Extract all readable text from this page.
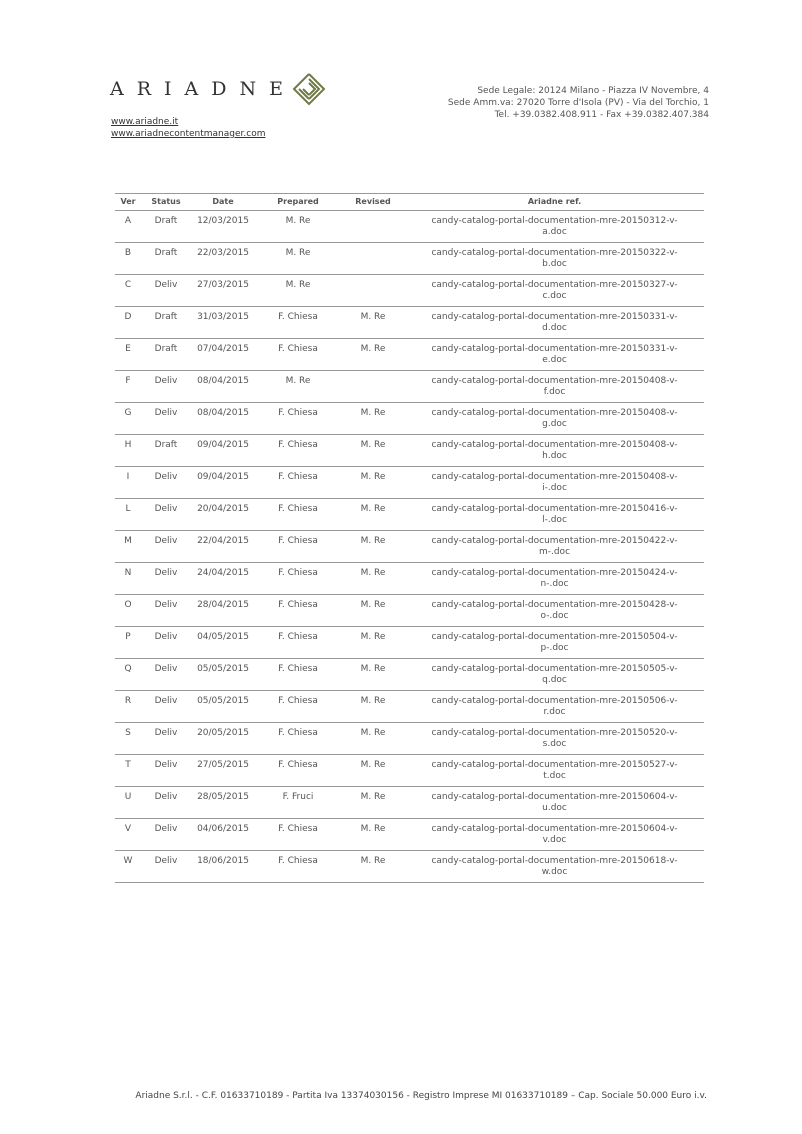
ARIADNE
www.ariadne.it
www.ariadnecontentmanager.com
Sede Legale: 20124 Milano - Piazza IV Novembre, 4
Sede Amm.va: 27020 Torre d'Isola (PV) - Via del Torchio, 1
Tel. +39.0382.408.911 - Fax +39.0382.407.384
Ver	Status	Date	Prepared	Revised	Ariadne ref.
A	Draft	12/03/2015	M. Re		candy-catalog-portal-documentation-mre-20150312-v-
a.doc

B	Draft	22/03/2015	M. Re		candy-catalog-portal-documentation-mre-20150322-v-
b.doc

C	Deliv	27/03/2015	M. Re		candy-catalog-portal-documentation-mre-20150327-v-
c.doc

D	Draft	31/03/2015	F. Chiesa	M. Re	candy-catalog-portal-documentation-mre-20150331-v-
d.doc

E	Draft	07/04/2015	F. Chiesa	M. Re	candy-catalog-portal-documentation-mre-20150331-v-
e.doc

F	Deliv	08/04/2015	M. Re		candy-catalog-portal-documentation-mre-20150408-v-
f.doc

G	Deliv	08/04/2015	F. Chiesa	M. Re	candy-catalog-portal-documentation-mre-20150408-v-
g.doc

H	Draft	09/04/2015	F. Chiesa	M. Re	candy-catalog-portal-documentation-mre-20150408-v-
h.doc

I	Deliv	09/04/2015	F. Chiesa	M. Re	candy-catalog-portal-documentation-mre-20150408-v-
i-.doc

L	Deliv	20/04/2015	F. Chiesa	M. Re	candy-catalog-portal-documentation-mre-20150416-v-
l-.doc

M	Deliv	22/04/2015	F. Chiesa	M. Re	candy-catalog-portal-documentation-mre-20150422-v-
m-.doc

N	Deliv	24/04/2015	F. Chiesa	M. Re	candy-catalog-portal-documentation-mre-20150424-v-
n-.doc

O	Deliv	28/04/2015	F. Chiesa	M. Re	candy-catalog-portal-documentation-mre-20150428-v-
o-.doc

P	Deliv	04/05/2015	F. Chiesa	M. Re	candy-catalog-portal-documentation-mre-20150504-v-
p-.doc

Q	Deliv	05/05/2015	F. Chiesa	M. Re	candy-catalog-portal-documentation-mre-20150505-v-
q.doc

R	Deliv	05/05/2015	F. Chiesa	M. Re	candy-catalog-portal-documentation-mre-20150506-v-
r.doc

S	Deliv	20/05/2015	F. Chiesa	M. Re	candy-catalog-portal-documentation-mre-20150520-v-
s.doc

T	Deliv	27/05/2015	F. Chiesa	M. Re	candy-catalog-portal-documentation-mre-20150527-v-
t.doc

U	Deliv	28/05/2015	F. Fruci	M. Re	candy-catalog-portal-documentation-mre-20150604-v-
u.doc

V	Deliv	04/06/2015	F. Chiesa	M. Re	candy-catalog-portal-documentation-mre-20150604-v-
v.doc

W	Deliv	18/06/2015	F. Chiesa	M. Re	candy-catalog-portal-documentation-mre-20150618-v-
w.doc
Ariadne S.r.l. - C.F. 01633710189 - Partita Iva 13374030156 - Registro Imprese MI 01633710189 – Cap. Sociale 50.000 Euro i.v.
